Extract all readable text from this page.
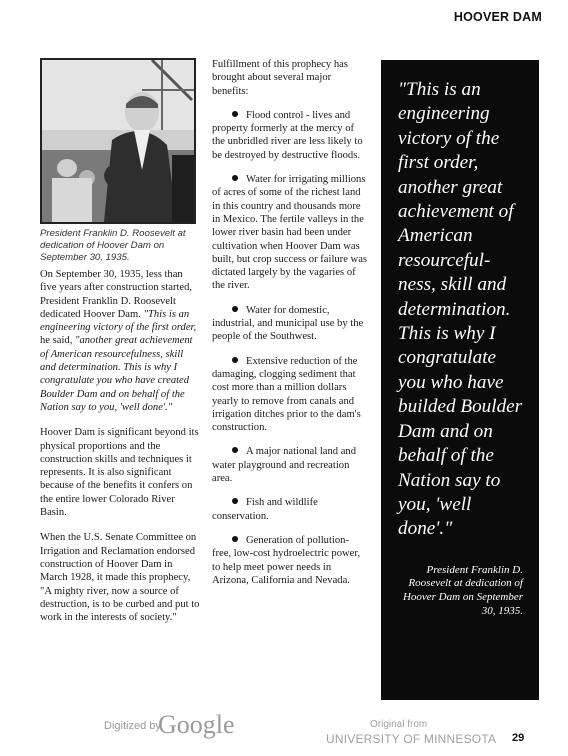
HOOVER DAM
President Franklin D. Roosevelt at dedication of Hoover Dam on September 30, 1935.

On September 30, 1935, less than five years after construction started, President Franklin D. Roosevelt dedicated Hoover Dam. "This is an engineering victory of the first order, he said, "another great achievement of American resourcefulness, skill and determination. This is why I congratulate you who have created Boulder Dam and on behalf of the Nation say to you, 'well done'."

Hoover Dam is significant beyond its physical proportions and the construction skills and techniques it represents. It is also significant because of the benefits it confers on the entire lower Colorado River Basin.

When the U.S. Senate Committee on Irrigation and Reclamation endorsed construction of Hoover Dam in March 1928, it made this prophecy, "A mighty river, now a source of destruction, is to be curbed and put to work in the interests of society."

Fulfillment of this prophecy has brought about several major benefits:

Flood control - lives and property formerly at the mercy of the unbridled river are less likely to be destroyed by destructive floods.

Water for irrigating millions of acres of some of the richest land in this country and thousands more in Mexico. The fertile valleys in the lower river basin had been under cultivation when Hoover Dam was built, but crop success or failure was dictated largely by the vagaries of the river.

Water for domestic, industrial, and municipal use by the people of the Southwest.

Extensive reduction of the damaging, clogging sediment that cost more than a million dollars yearly to remove from canals and irrigation ditches prior to the dam's construction.

A major national land and water playground and recreation area.

Fish and wildlife conservation.

Generation of pollution-free, low-cost hydroelectric power, to help meet power needs in Arizona, California and Nevada.

"This is an engineering victory of the first order, another great achievement of American resourceful-ness, skill and determination. This is why I congratulate you who have builded Boulder Dam and on behalf of the Nation say to you, 'well done'."
President Franklin D. Roosevelt at dedication of Hoover Dam on September 30, 1935.
Digitized by
Google	Original from
UNIVERSITY OF MINNESOTA 29
